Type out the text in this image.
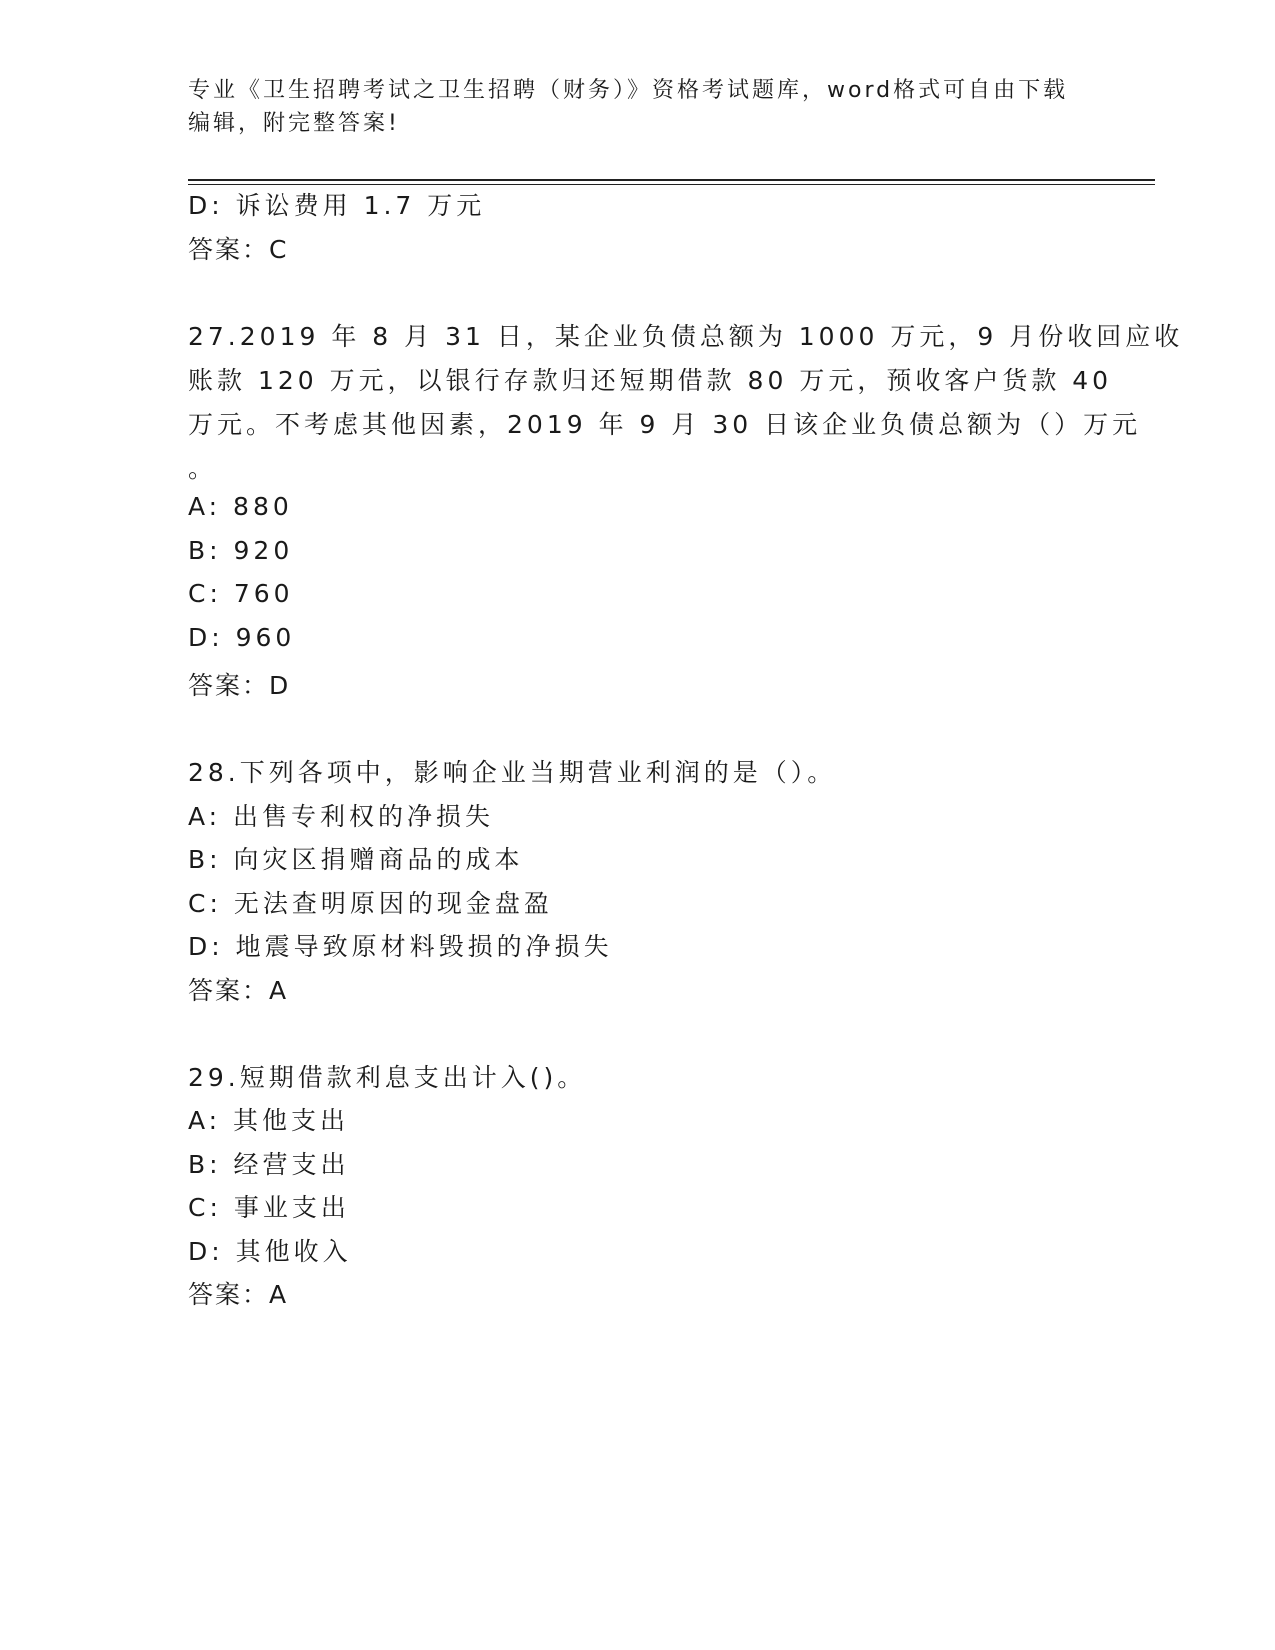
专业《卫生招聘考试之卫生招聘（财务）》资格考试题库，word格式可自由下载
编辑，附完整答案!
D: 诉讼费用 1.7 万元
答案：C
27.2019 年 8 月 31 日，某企业负债总额为 1000 万元，9 月份收回应收
账款 120 万元，以银行存款归还短期借款 80 万元，预收客户货款 40
万元。不考虑其他因素，2019 年 9 月 30 日该企业负债总额为（）万元
。
A: 880
B: 920
C: 760
D: 960
答案：D
28.下列各项中，影响企业当期营业利润的是（）。
A: 出售专利权的净损失
B: 向灾区捐赠商品的成本
C: 无法查明原因的现金盘盈
D: 地震导致原材料毁损的净损失
答案：A
29.短期借款利息支出计入()。
A: 其他支出
B: 经营支出
C: 事业支出
D: 其他收入
答案：A
